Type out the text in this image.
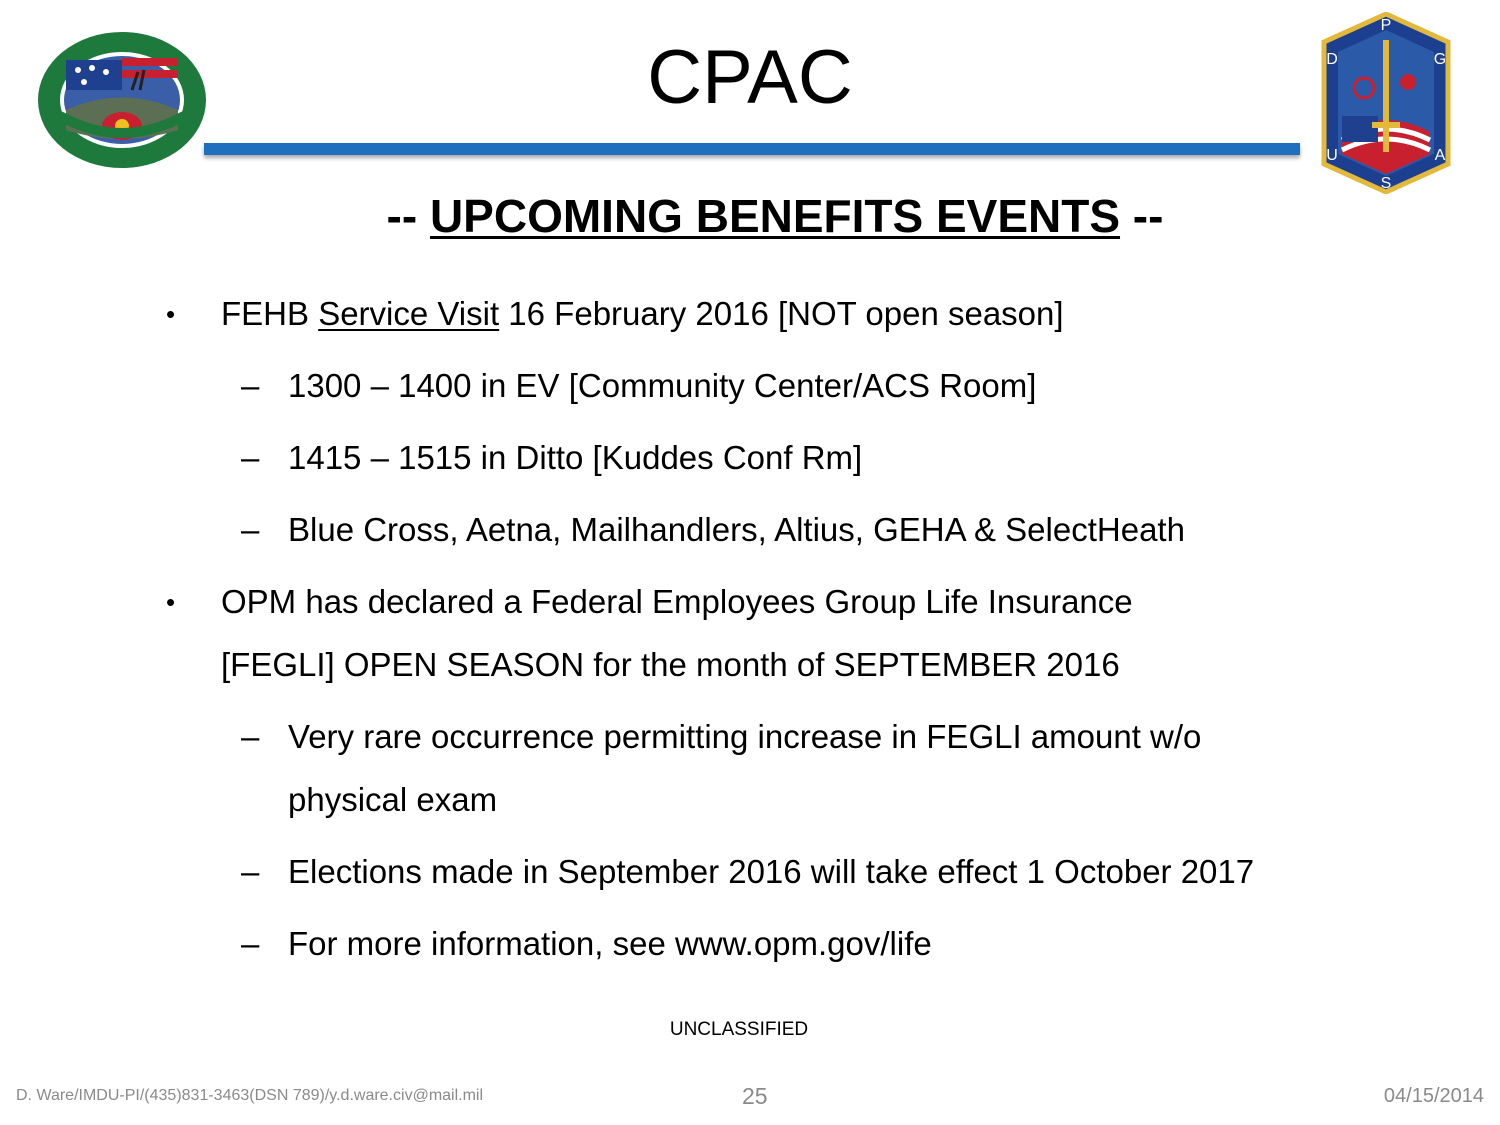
CPAC
P
D	G
U
S
A
-- UPCOMING BENEFITS EVENTS --
• FEHB Service Visit 16 February 2016 [NOT open season]
– 1300 – 1400 in EV [Community Center/ACS Room]
– 1415 – 1515 in Ditto [Kuddes Conf Rm]
– Blue Cross, Aetna, Mailhandlers, Altius, GEHA & SelectHeath
• OPM has declared a Federal Employees Group Life Insurance
[FEGLI] OPEN SEASON for the month of SEPTEMBER 2016
– Very rare occurrence permitting increase in FEGLI amount w/o
physical exam
– Elections made in September 2016 will take effect 1 October 2017
– For more information, see www.opm.gov/life
UNCLASSIFIED
D. Ware/IMDU-PI/(435)831-3463(DSN 789)/y.d.ware.civ@mail.mil	25	04/15/2014
